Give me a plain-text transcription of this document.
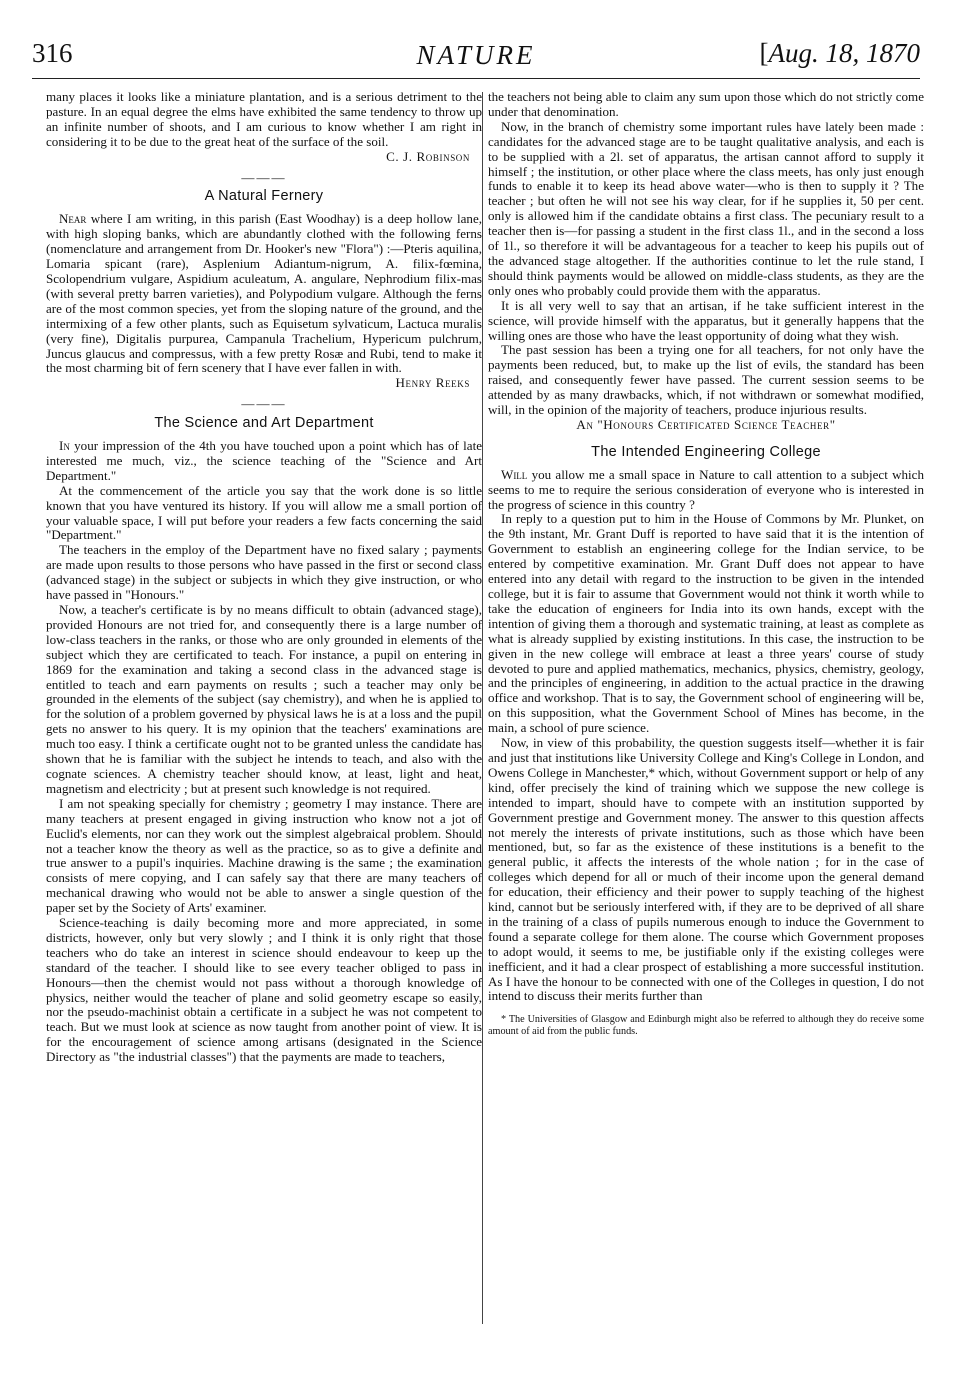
316	NATURE	[Aug. 18, 1870

many places it looks like a miniature plantation, and is a serious detriment to the pasture. In an equal degree the elms have exhibited the same tendency to throw up an infinite number of shoots, and I am curious to know whether I am right in considering it to be due to the great heat of the surface of the soil.

C. J. Robinson
———
A Natural Fernery

Near where I am writing, in this parish (East Woodhay) is a deep hollow lane, with high sloping banks, which are abundantly clothed with the following ferns (nomenclature and arrangement from Dr. Hooker's new "Flora") :—Pteris aquilina, Lomaria spicant (rare), Asplenium Adiantum-nigrum, A. filix-fœmina, Scolopendrium vulgare, Aspidium aculeatum, A. angulare, Nephrodium filix-mas (with several pretty barren varieties), and Polypodium vulgare. Although the ferns are of the most common species, yet from the sloping nature of the ground, and the intermixing of a few other plants, such as Equisetum sylvaticum, Lactuca muralis (very fine), Digitalis purpurea, Campanula Trachelium, Hypericum pulchrum, Juncus glaucus and compressus, with a few pretty Rosæ and Rubi, tend to make it the most charming bit of fern scenery that I have ever fallen in with.

Henry Reeks
———
The Science and Art Department

In your impression of the 4th you have touched upon a point which has of late interested me much, viz., the science teaching of the "Science and Art Department."

At the commencement of the article you say that the work done is so little known that you have ventured its history. If you will allow me a small portion of your valuable space, I will put before your readers a few facts concerning the said "Department."

The teachers in the employ of the Department have no fixed salary ; payments are made upon results to those persons who have passed in the first or second class (advanced stage) in the subject or subjects in which they give instruction, or who have passed in "Honours."

Now, a teacher's certificate is by no means difficult to obtain (advanced stage), provided Honours are not tried for, and consequently there is a large number of low-class teachers in the ranks, or those who are only grounded in elements of the subject which they are certificated to teach. For instance, a pupil on entering in 1869 for the examination and taking a second class in the advanced stage is entitled to teach and earn payments on results ; such a teacher may only be grounded in the elements of the subject (say chemistry), and when he is applied to for the solution of a problem governed by physical laws he is at a loss and the pupil gets no answer to his query. It is my opinion that the teachers' examinations are much too easy. I think a certificate ought not to be granted unless the candidate has shown that he is familiar with the subject he intends to teach, and also with the cognate sciences. A chemistry teacher should know, at least, light and heat, magnetism and electricity ; but at present such knowledge is not required.

I am not speaking specially for chemistry ; geometry I may instance. There are many teachers at present engaged in giving instruction who know not a jot of Euclid's elements, nor can they work out the simplest algebraical problem. Should not a teacher know the theory as well as the practice, so as to give a definite and true answer to a pupil's inquiries. Machine drawing is the same ; the examination consists of mere copying, and I can safely say that there are many teachers of mechanical drawing who would not be able to answer a single question of the paper set by the Society of Arts' examiner.

Science-teaching is daily becoming more and more appreciated, in some districts, however, only but very slowly ; and I think it is only right that those teachers who do take an interest in science should endeavour to keep up the standard of the teacher. I should like to see every teacher obliged to pass in Honours—then the chemist would not pass without a thorough knowledge of physics, neither would the teacher of plane and solid geometry escape so easily, nor the pseudo-machinist obtain a certificate in a subject he was not competent to teach. But we must look at science as now taught from another point of view. It is for the encouragement of science among artisans (designated in the Science Directory as "the industrial classes") that the payments are made to teachers,

the teachers not being able to claim any sum upon those which do not strictly come under that denomination.

Now, in the branch of chemistry some important rules have lately been made : candidates for the advanced stage are to be taught qualitative analysis, and each is to be supplied with a 2l. set of apparatus, the artisan cannot afford to supply it himself ; the institution, or other place where the class meets, has only just enough funds to enable it to keep its head above water—who is then to supply it ? The teacher ; but often he will not see his way clear, for if he supplies it, 50 per cent. only is allowed him if the candidate obtains a first class. The pecuniary result to a teacher then is—for passing a student in the first class 1l., and in the second a loss of 1l., so therefore it will be advantageous for a teacher to keep his pupils out of the advanced stage altogether. If the authorities continue to let the rule stand, I should think payments would be allowed on middle-class students, as they are the only ones who probably could provide them with the apparatus.

It is all very well to say that an artisan, if he take sufficient interest in the science, will provide himself with the apparatus, but it generally happens that the willing ones are those who have the least opportunity of doing what they wish.

The past session has been a trying one for all teachers, for not only have the payments been reduced, but, to make up the list of evils, the standard has been raised, and consequently fewer have passed. The current session seems to be attended by as many drawbacks, which, if not withdrawn or somewhat modified, will, in the opinion of the majority of teachers, produce injurious results.

An "Honours Certificated Science Teacher"
The Intended Engineering College

Will you allow me a small space in Nature to call attention to a subject which seems to me to require the serious consideration of everyone who is interested in the progress of science in this country ?

In reply to a question put to him in the House of Commons by Mr. Plunket, on the 9th instant, Mr. Grant Duff is reported to have said that it is the intention of Government to establish an engineering college for the Indian service, to be entered by competitive examination. Mr. Grant Duff does not appear to have entered into any detail with regard to the instruction to be given in the intended college, but it is fair to assume that Government would not think it worth while to take the education of engineers for India into its own hands, except with the intention of giving them a thorough and systematic training, at least as complete as what is already supplied by existing institutions. In this case, the instruction to be given in the new college will embrace at least a three years' course of study devoted to pure and applied mathematics, mechanics, physics, chemistry, geology, and the principles of engineering, in addition to the actual practice in the drawing office and workshop. That is to say, the Government school of engineering will be, on this supposition, what the Government School of Mines has become, in the main, a school of pure science.

Now, in view of this probability, the question suggests itself—whether it is fair and just that institutions like University College and King's College in London, and Owens College in Manchester,* which, without Government support or help of any kind, offer precisely the kind of training which we suppose the new college is intended to impart, should have to compete with an institution supported by Government prestige and Government money. The answer to this question affects not merely the interests of private institutions, such as those which have been mentioned, but, so far as the existence of these institutions is a benefit to the general public, it affects the interests of the whole nation ; for in the case of colleges which depend for all or much of their income upon the general demand for education, their efficiency and their power to supply teaching of the highest kind, cannot but be seriously interfered with, if they are to be deprived of all share in the training of a class of pupils numerous enough to induce the Government to found a separate college for them alone. The course which Government proposes to adopt would, it seems to me, be justifiable only if the existing colleges were inefficient, and it had a clear prospect of establishing a more successful institution. As I have the honour to be connected with one of the Colleges in question, I do not intend to discuss their merits further than

* The Universities of Glasgow and Edinburgh might also be referred to although they do receive some amount of aid from the public funds.
